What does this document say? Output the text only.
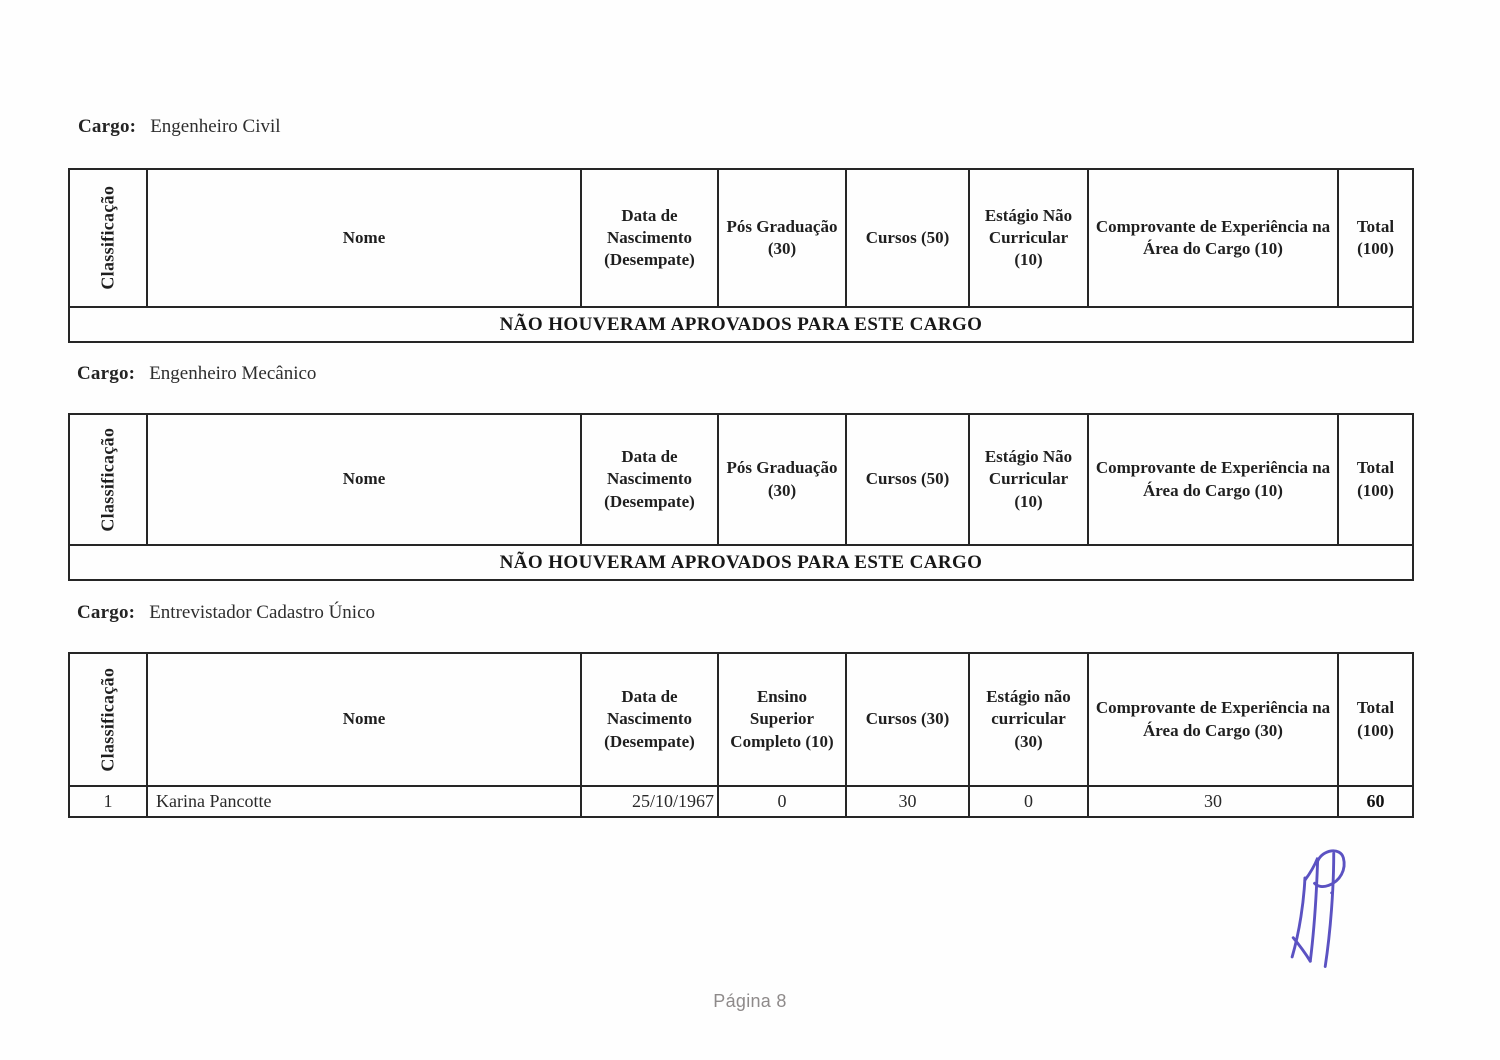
Cargo: Engenheiro Civil
Classificação	Nome	Data de Nascimento (Desempate)	Pós Graduação (30)	Cursos (50)	Estágio Não Curricular (10)	Comprovante de Experiência na Área do Cargo (10)	Total (100)
NÃO HOUVERAM APROVADOS PARA ESTE CARGO
Cargo: Engenheiro Mecânico
Classificação	Nome	Data de Nascimento (Desempate)	Pós Graduação (30)	Cursos (50)	Estágio Não Curricular (10)	Comprovante de Experiência na Área do Cargo (10)	Total (100)
NÃO HOUVERAM APROVADOS PARA ESTE CARGO
Cargo: Entrevistador Cadastro Único
Classificação	Nome	Data de Nascimento (Desempate)	Ensino Superior Completo (10)	Cursos (30)	Estágio não curricular (30)	Comprovante de Experiência na Área do Cargo (30)	Total (100)
1	Karina Pancotte	25/10/1967	0	30	0	30	60
Página 8
